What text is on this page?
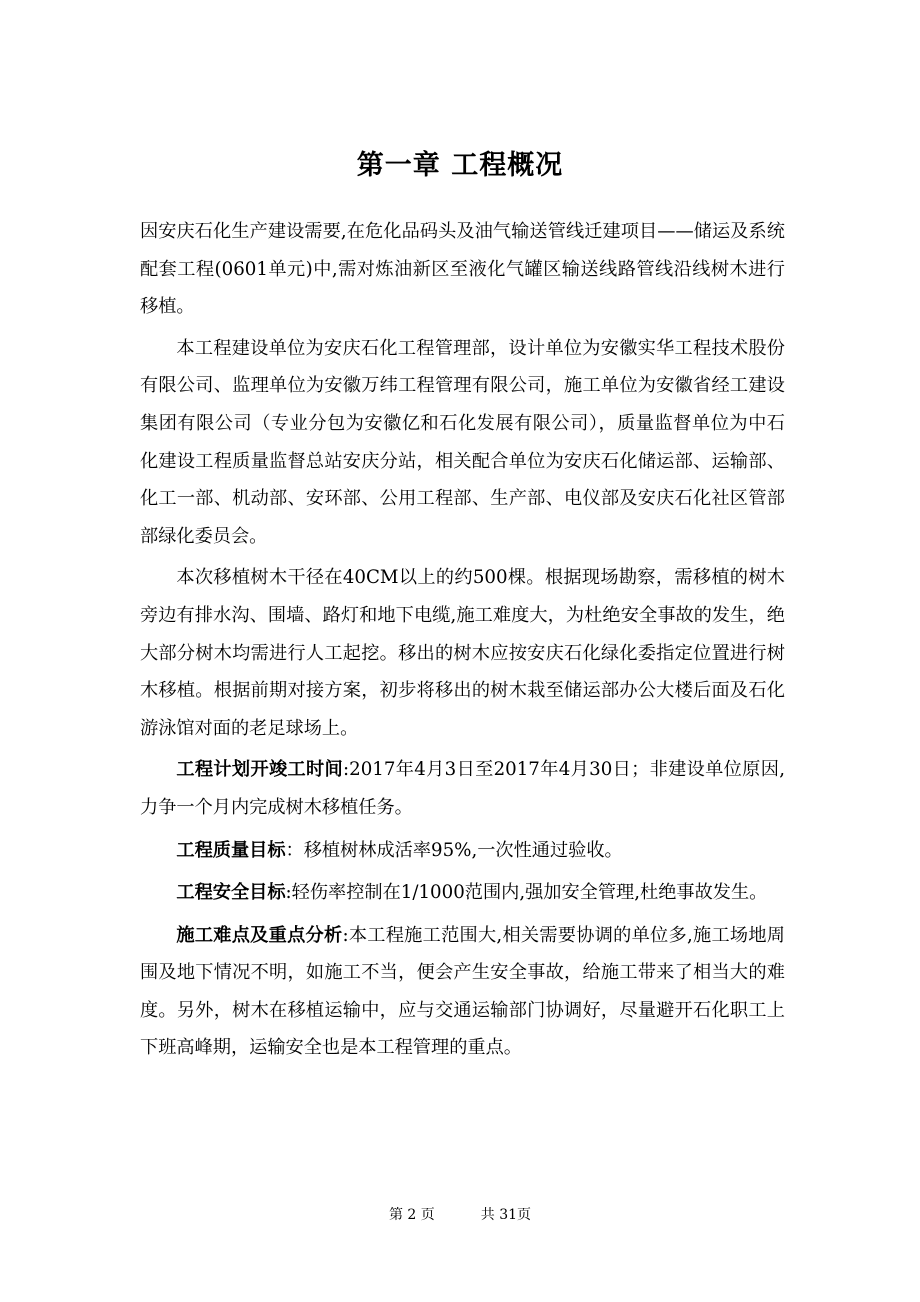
第一章 工程概况

因安庆石化生产建设需要,在危化品码头及油气输送管线迁建项目——储运及系统配套工程(0601单元)中,需对炼油新区至液化气罐区输送线路管线沿线树木进行移植。

本工程建设单位为安庆石化工程管理部，设计单位为安徽实华工程技术股份有限公司、监理单位为安徽万纬工程管理有限公司，施工单位为安徽省经工建设集团有限公司（专业分包为安徽亿和石化发展有限公司），质量监督单位为中石化建设工程质量监督总站安庆分站，相关配合单位为安庆石化储运部、运输部、化工一部、机动部、安环部、公用工程部、生产部、电仪部及安庆石化社区管部部绿化委员会。

本次移植树木干径在40CM以上的约500棵。根据现场勘察，需移植的树木旁边有排水沟、围墙、路灯和地下电缆,施工难度大，为杜绝安全事故的发生，绝大部分树木均需进行人工起挖。移出的树木应按安庆石化绿化委指定位置进行树木移植。根据前期对接方案，初步将移出的树木栽至储运部办公大楼后面及石化游泳馆对面的老足球场上。

工程计划开竣工时间:2017年4月3日至2017年4月30日；非建设单位原因,力争一个月内完成树木移植任务。

工程质量目标：移植树林成活率95%,一次性通过验收。

工程安全目标:轻伤率控制在1/1000范围内,强加安全管理,杜绝事故发生。

施工难点及重点分析:本工程施工范围大,相关需要协调的单位多,施工场地周围及地下情况不明，如施工不当，便会产生安全事故，给施工带来了相当大的难度。另外，树木在移植运输中，应与交通运输部门协调好，尽量避开石化职工上下班高峰期，运输安全也是本工程管理的重点。

第 2 页	共 31页
